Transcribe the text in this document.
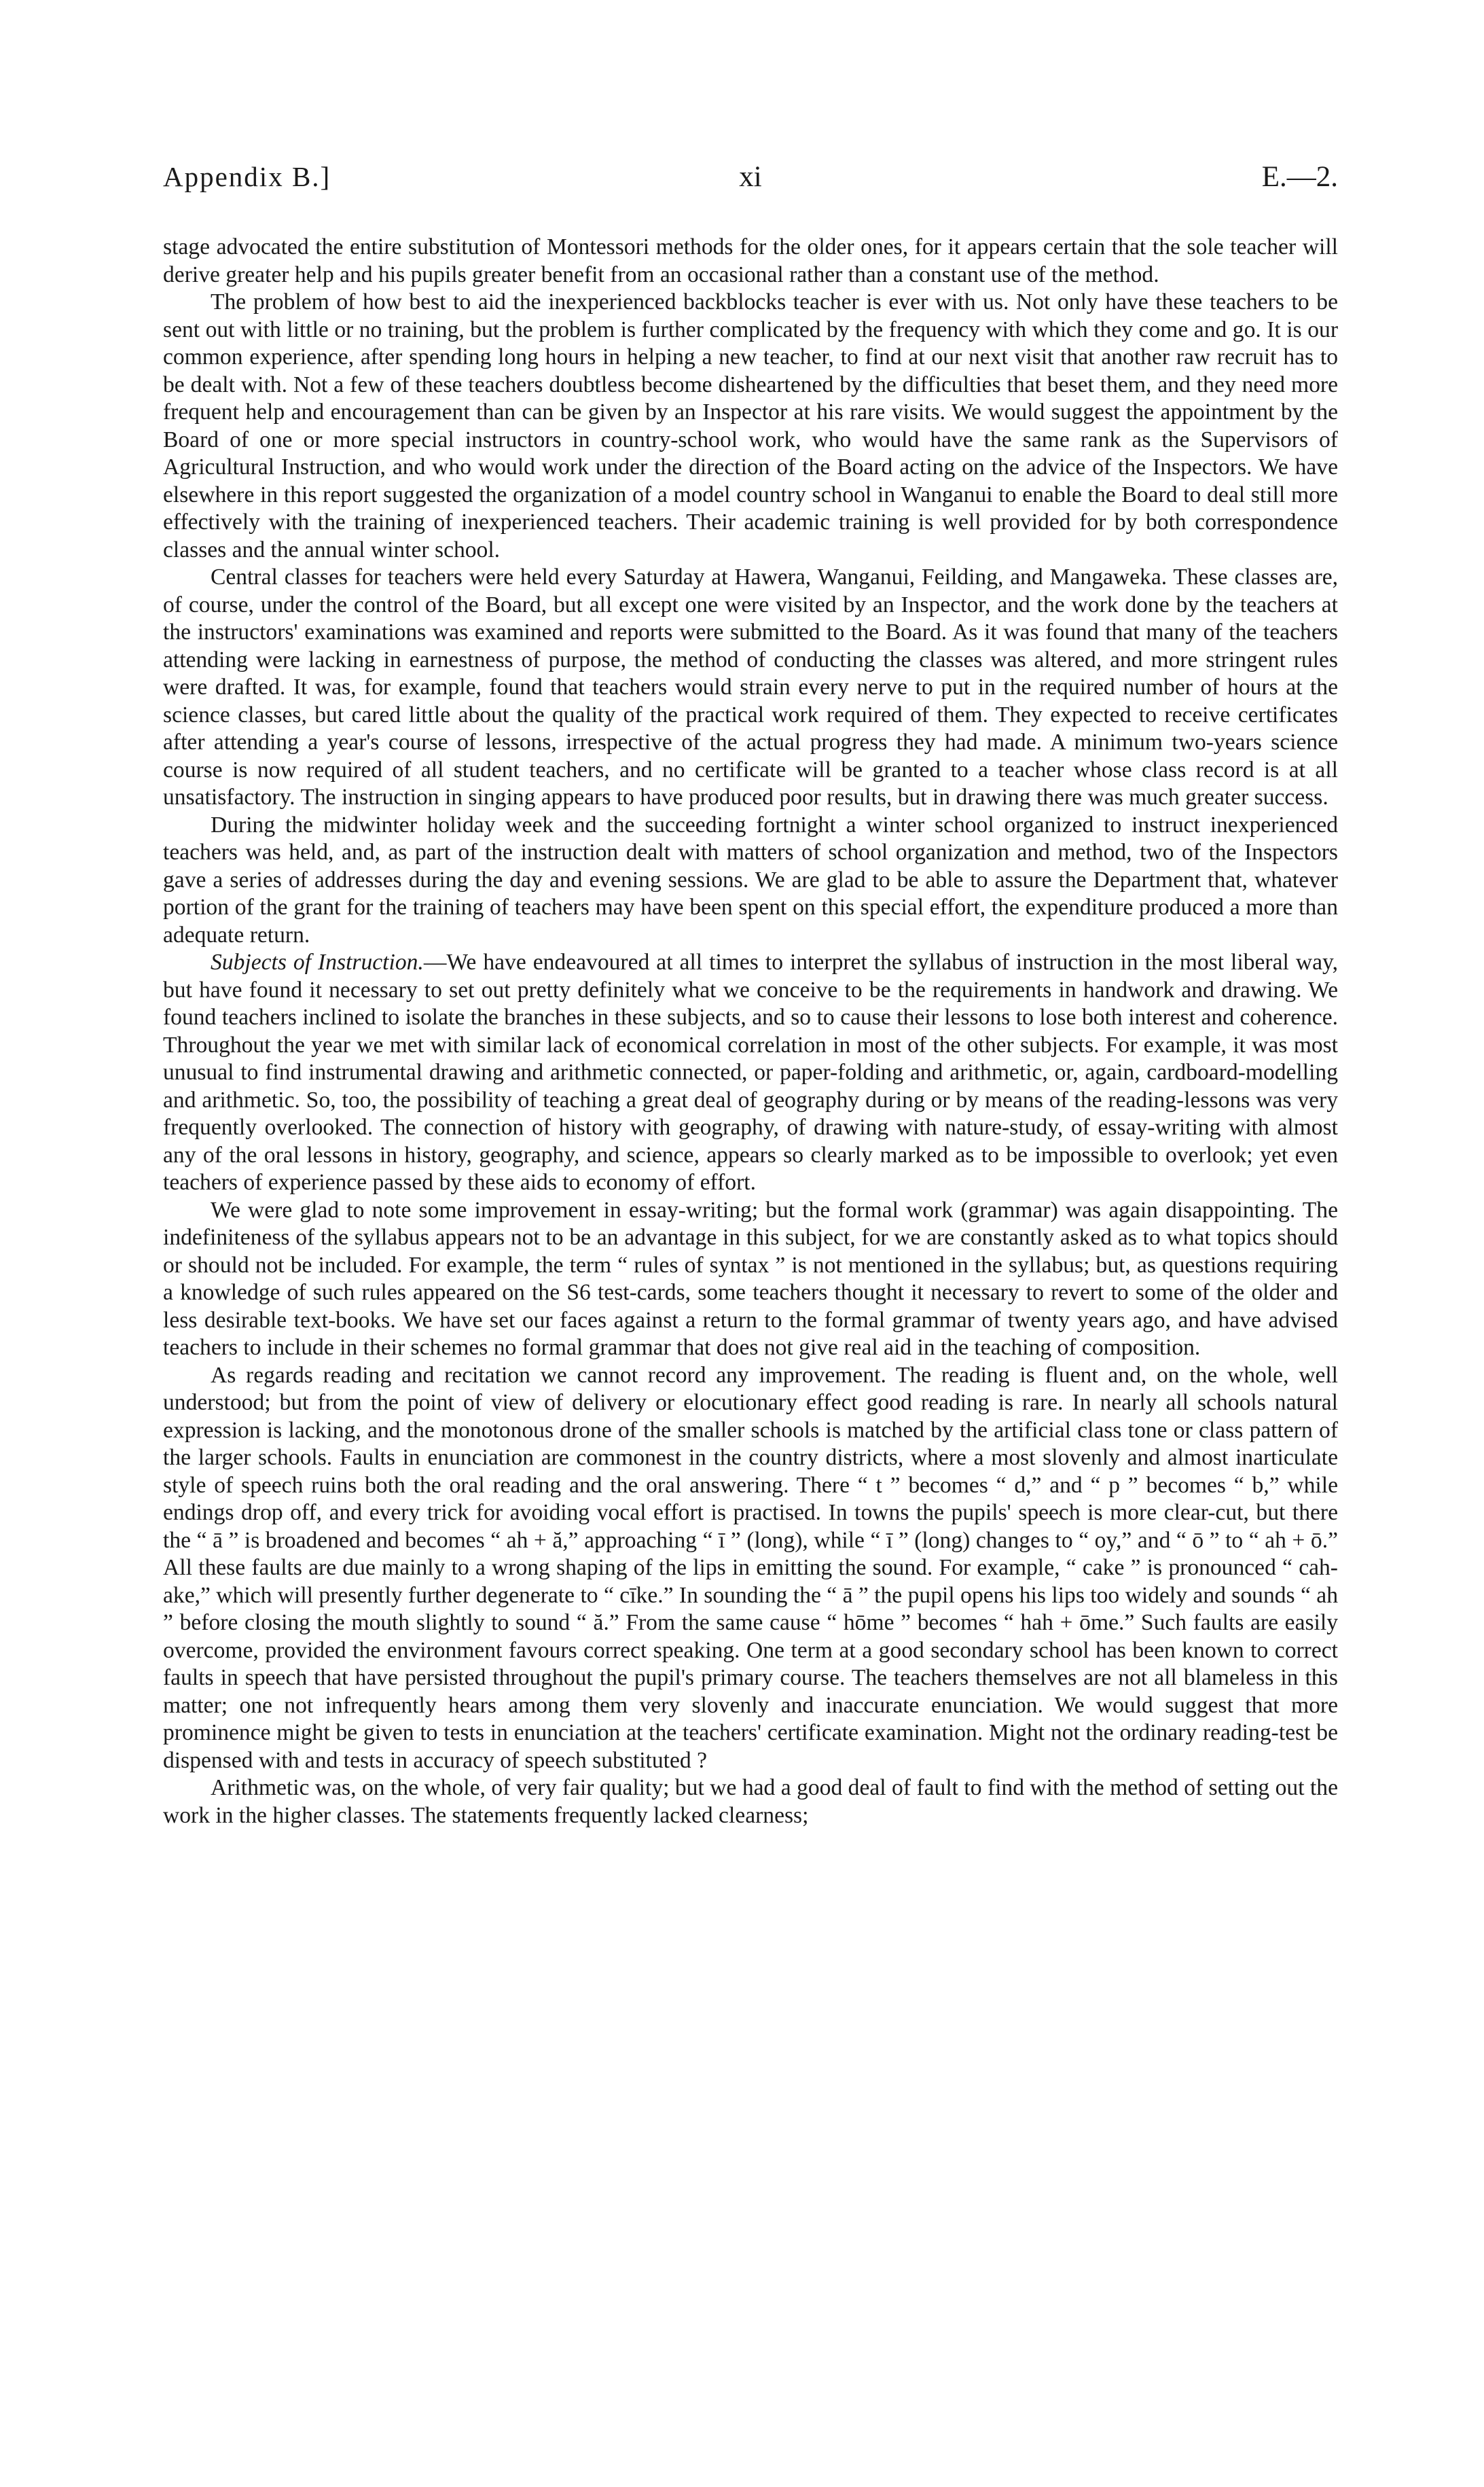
Appendix B.]	xi	E.—2.

stage advocated the entire substitution of Montessori methods for the older ones, for it appears certain that the sole teacher will derive greater help and his pupils greater benefit from an occasional rather than a constant use of the method.

The problem of how best to aid the inexperienced backblocks teacher is ever with us. Not only have these teachers to be sent out with little or no training, but the problem is further complicated by the frequency with which they come and go. It is our common experience, after spending long hours in helping a new teacher, to find at our next visit that another raw recruit has to be dealt with. Not a few of these teachers doubtless become disheartened by the difficulties that beset them, and they need more frequent help and encouragement than can be given by an Inspector at his rare visits. We would suggest the appointment by the Board of one or more special instructors in country-school work, who would have the same rank as the Supervisors of Agricultural Instruction, and who would work under the direction of the Board acting on the advice of the Inspectors. We have elsewhere in this report suggested the organization of a model country school in Wanganui to enable the Board to deal still more effectively with the training of inexperienced teachers. Their academic training is well provided for by both correspondence classes and the annual winter school.

Central classes for teachers were held every Saturday at Hawera, Wanganui, Feilding, and Mangaweka. These classes are, of course, under the control of the Board, but all except one were visited by an Inspector, and the work done by the teachers at the instructors' examinations was examined and reports were submitted to the Board. As it was found that many of the teachers attending were lacking in earnestness of purpose, the method of conducting the classes was altered, and more stringent rules were drafted. It was, for example, found that teachers would strain every nerve to put in the required number of hours at the science classes, but cared little about the quality of the practical work required of them. They expected to receive certificates after attending a year's course of lessons, irrespective of the actual progress they had made. A minimum two-years science course is now required of all student teachers, and no certificate will be granted to a teacher whose class record is at all unsatisfactory. The instruction in singing appears to have produced poor results, but in drawing there was much greater success.

During the midwinter holiday week and the succeeding fortnight a winter school organized to instruct inexperienced teachers was held, and, as part of the instruction dealt with matters of school organization and method, two of the Inspectors gave a series of addresses during the day and evening sessions. We are glad to be able to assure the Department that, whatever portion of the grant for the training of teachers may have been spent on this special effort, the expenditure produced a more than adequate return.

Subjects of Instruction.—We have endeavoured at all times to interpret the syllabus of instruction in the most liberal way, but have found it necessary to set out pretty definitely what we conceive to be the requirements in handwork and drawing. We found teachers inclined to isolate the branches in these subjects, and so to cause their lessons to lose both interest and coherence. Throughout the year we met with similar lack of economical correlation in most of the other subjects. For example, it was most unusual to find instrumental drawing and arithmetic connected, or paper-folding and arithmetic, or, again, cardboard-modelling and arithmetic. So, too, the possibility of teaching a great deal of geography during or by means of the reading-lessons was very frequently overlooked. The connection of history with geography, of drawing with nature-study, of essay-writing with almost any of the oral lessons in history, geography, and science, appears so clearly marked as to be impossible to overlook; yet even teachers of experience passed by these aids to economy of effort.

We were glad to note some improvement in essay-writing; but the formal work (grammar) was again disappointing. The indefiniteness of the syllabus appears not to be an advantage in this subject, for we are constantly asked as to what topics should or should not be included. For example, the term “ rules of syntax ” is not mentioned in the syllabus; but, as questions requiring a knowledge of such rules appeared on the S6 test-cards, some teachers thought it necessary to revert to some of the older and less desirable text-books. We have set our faces against a return to the formal grammar of twenty years ago, and have advised teachers to include in their schemes no formal grammar that does not give real aid in the teaching of composition.

As regards reading and recitation we cannot record any improvement. The reading is fluent and, on the whole, well understood; but from the point of view of delivery or elocutionary effect good reading is rare. In nearly all schools natural expression is lacking, and the monotonous drone of the smaller schools is matched by the artificial class tone or class pattern of the larger schools. Faults in enunciation are commonest in the country districts, where a most slovenly and almost inarticulate style of speech ruins both the oral reading and the oral answering. There “ t ” becomes “ d,” and “ p ” becomes “ b,” while endings drop off, and every trick for avoiding vocal effort is practised. In towns the pupils' speech is more clear-cut, but there the “ ā ” is broadened and becomes “ ah + ă,” approaching “ ī ” (long), while “ ī ” (long) changes to “ oy,” and “ ō ” to “ ah + ō.” All these faults are due mainly to a wrong shaping of the lips in emitting the sound. For example, “ cake ” is pronounced “ cah-ake,” which will presently further degenerate to “ cīke.” In sounding the “ ā ” the pupil opens his lips too widely and sounds “ ah ” before closing the mouth slightly to sound “ ă.” From the same cause “ hōme ” becomes “ hah + ōme.” Such faults are easily overcome, provided the environment favours correct speaking. One term at a good secondary school has been known to correct faults in speech that have persisted throughout the pupil's primary course. The teachers themselves are not all blameless in this matter; one not infrequently hears among them very slovenly and inaccurate enunciation. We would suggest that more prominence might be given to tests in enunciation at the teachers' certificate examination. Might not the ordinary reading-test be dispensed with and tests in accuracy of speech substituted ?

Arithmetic was, on the whole, of very fair quality; but we had a good deal of fault to find with the method of setting out the work in the higher classes. The statements frequently lacked clearness;
